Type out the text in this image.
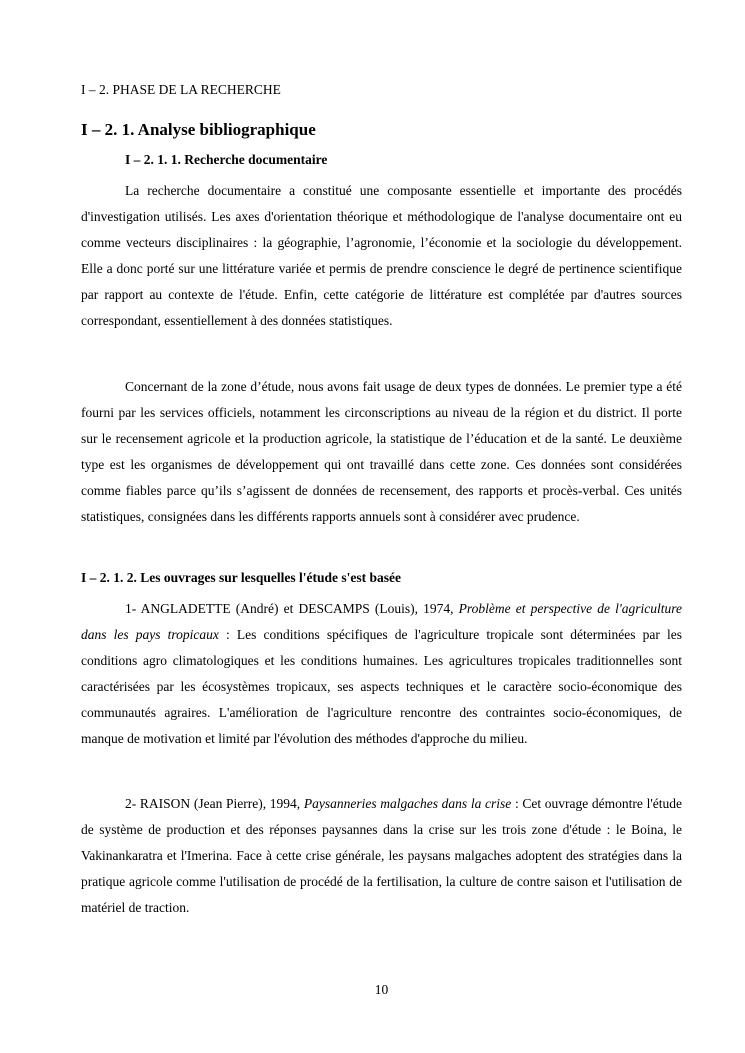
I – 2. PHASE DE LA RECHERCHE
I – 2. 1. Analyse bibliographique
I – 2. 1. 1. Recherche documentaire

La recherche documentaire a constitué une composante essentielle et importante des procédés d'investigation utilisés. Les axes d'orientation théorique et méthodologique de l'analyse documentaire ont eu comme vecteurs disciplinaires : la géographie, l’agronomie, l’économie et la sociologie du développement. Elle a donc porté sur une littérature variée et permis de prendre conscience le degré de pertinence scientifique par rapport au contexte de l'étude. Enfin, cette catégorie de littérature est complétée par d'autres sources correspondant, essentiellement à des données statistiques.

Concernant de la zone d’étude, nous avons fait usage de deux types de données. Le premier type a été fourni par les services officiels, notamment les circonscriptions au niveau de la région et du district. Il porte sur le recensement agricole et la production agricole, la statistique de l’éducation et de la santé. Le deuxième type est les organismes de développement qui ont travaillé dans cette zone. Ces données sont considérées comme fiables parce qu’ils s’agissent de données de recensement, des rapports et procès-verbal. Ces unités statistiques, consignées dans les différents rapports annuels sont à considérer avec prudence.

I – 2. 1. 2. Les ouvrages sur lesquelles l'étude s'est basée

1- ANGLADETTE (André) et DESCAMPS (Louis), 1974, Problème et perspective de l'agriculture dans les pays tropicaux : Les conditions spécifiques de l'agriculture tropicale sont déterminées par les conditions agro climatologiques et les conditions humaines. Les agricultures tropicales traditionnelles sont caractérisées par les écosystèmes tropicaux, ses aspects techniques et le caractère socio-économique des communautés agraires. L'amélioration de l'agriculture rencontre des contraintes socio-économiques, de manque de motivation et limité par l'évolution des méthodes d'approche du milieu.

2- RAISON (Jean Pierre), 1994, Paysanneries malgaches dans la crise : Cet ouvrage démontre l'étude de système de production et des réponses paysannes dans la crise sur les trois zone d'étude : le Boina, le Vakinankaratra et l'Imerina. Face à cette crise générale, les paysans malgaches adoptent des stratégies dans la pratique agricole comme l'utilisation de procédé de la fertilisation, la culture de contre saison et l'utilisation de matériel de traction.

10
